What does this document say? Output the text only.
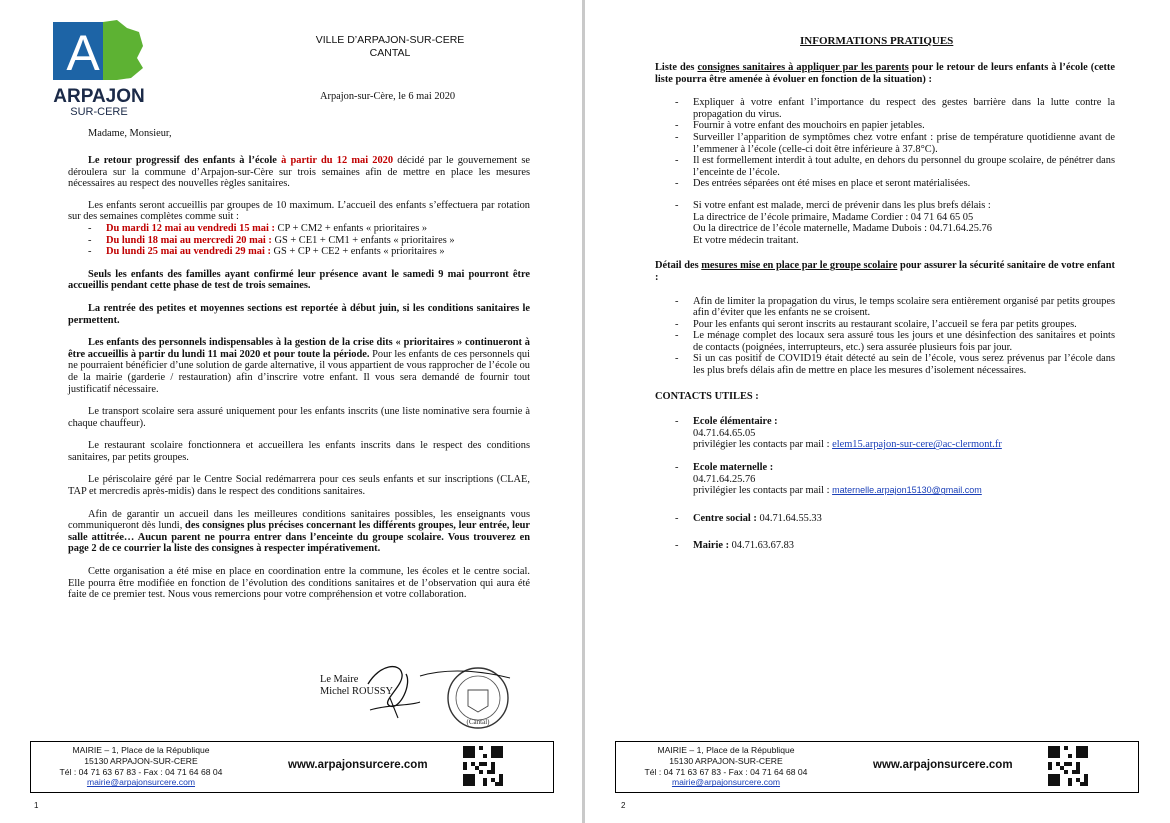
A
ARPAJON
SUR-CERE
VILLE D’ARPAJON-SUR-CERE
CANTAL
Arpajon-sur-Cère, le 6 mai 2020
Madame, Monsieur,

Le retour progressif des enfants à l’école à partir du 12 mai 2020 décidé par le gouvernement se déroulera sur la commune d’Arpajon-sur-Cère sur trois semaines afin de mettre en place les mesures nécessaires au respect des nouvelles règles sanitaires.

Les enfants seront accueillis par groupes de 10 maximum. L’accueil des enfants s’effectuera par rotation sur des semaines complètes comme suit :

- Du mardi 12 mai au vendredi 15 mai : CP + CM2 + enfants « prioritaires »
- Du lundi 18 mai au mercredi 20 mai : GS + CE1 + CM1 + enfants « prioritaires »
- Du lundi 25 mai au vendredi 29 mai : GS + CP + CE2 + enfants « prioritaires »

Seuls les enfants des familles ayant confirmé leur présence avant le samedi 9 mai pourront être accueillis pendant cette phase de test de trois semaines.

La rentrée des petites et moyennes sections est reportée à début juin, si les conditions sanitaires le permettent.

Les enfants des personnels indispensables à la gestion de la crise dits « prioritaires » continueront à être accueillis à partir du lundi 11 mai 2020 et pour toute la période. Pour les enfants de ces personnels qui ne pourraient bénéficier d’une solution de garde alternative, il vous appartient de vous rapprocher de l’école ou de la mairie (garderie / restauration) afin d’inscrire votre enfant. Il vous sera demandé de fournir tout justificatif nécessaire.

Le transport scolaire sera assuré uniquement pour les enfants inscrits (une liste nominative sera fournie à chaque chauffeur).

Le restaurant scolaire fonctionnera et accueillera les enfants inscrits dans le respect des conditions sanitaires, par petits groupes.

Le périscolaire géré par le Centre Social redémarrera pour ces seuls enfants et sur inscriptions (CLAE, TAP et mercredis après-midis) dans le respect des conditions sanitaires.

Afin de garantir un accueil dans les meilleures conditions sanitaires possibles, les enseignants vous communiqueront dès lundi, des consignes plus précises concernant les différents groupes, leur entrée, leur salle attitrée… Aucun parent ne pourra entrer dans l’enceinte du groupe scolaire. Vous trouverez en page 2 de ce courrier la liste des consignes à respecter impérativement.

Cette organisation a été mise en place en coordination entre la commune, les écoles et le centre social. Elle pourra être modifiée en fonction de l’évolution des conditions sanitaires et de l’observation qui aura été faite de ce premier test. Nous vous remercions pour votre compréhension et votre collaboration.

Le Maire
Michel ROUSSY
(Cantal)
MAIRIE – 1, Place de la République
15130 ARPAJON-SUR-CERE
Tél : 04 71 63 67 83 - Fax : 04 71 64 68 04
mairie@arpajonsurcere.com
www.arpajonsurcere.com
1
INFORMATIONS PRATIQUES

Liste des consignes sanitaires à appliquer par les parents pour le retour de leurs enfants à l’école (cette liste pourra être amenée à évoluer en fonction de la situation) :

- Expliquer à votre enfant l’importance du respect des gestes barrière dans la lutte contre la propagation du virus.
- Fournir à votre enfant des mouchoirs en papier jetables.
- Surveiller l’apparition de symptômes chez votre enfant : prise de température quotidienne avant de l’emmener à l’école (celle-ci doit être inférieure à 37.8°C).
- Il est formellement interdit à tout adulte, en dehors du personnel du groupe scolaire, de pénétrer dans l’enceinte de l’école.
- Des entrées séparées ont été mises en place et seront matérialisées.
- Si votre enfant est malade, merci de prévenir dans les plus brefs délais :
La directrice de l’école primaire, Madame Cordier : 04 71 64 65 05
Ou la directrice de l’école maternelle, Madame Dubois : 04.71.64.25.76
Et votre médecin traitant.

Détail des mesures mise en place par le groupe scolaire pour assurer la sécurité sanitaire de votre enfant :

- Afin de limiter la propagation du virus, le temps scolaire sera entièrement organisé par petits groupes afin d’éviter que les enfants ne se croisent.
- Pour les enfants qui seront inscrits au restaurant scolaire, l’accueil se fera par petits groupes.
- Le ménage complet des locaux sera assuré tous les jours et une désinfection des sanitaires et points de contacts (poignées, interrupteurs, etc.) sera assurée plusieurs fois par jour.
- Si un cas positif de COVID19 était détecté au sein de l’école, vous serez prévenus par l’école dans les plus brefs délais afin de mettre en place les mesures d’isolement nécessaires.

CONTACTS UTILES :

- Ecole élémentaire :
04.71.64.65.05
privilégier les contacts par mail : elem15.arpajon-sur-cere@ac-clermont.fr
- Ecole maternelle :
04.71.64.25.76
privilégier les contacts par mail : maternelle.arpajon15130@gmail.com
- Centre social : 04.71.64.55.33
- Mairie : 04.71.63.67.83
MAIRIE – 1, Place de la République
15130 ARPAJON-SUR-CERE
Tél : 04 71 63 67 83 - Fax : 04 71 64 68 04
mairie@arpajonsurcere.com
www.arpajonsurcere.com
2
